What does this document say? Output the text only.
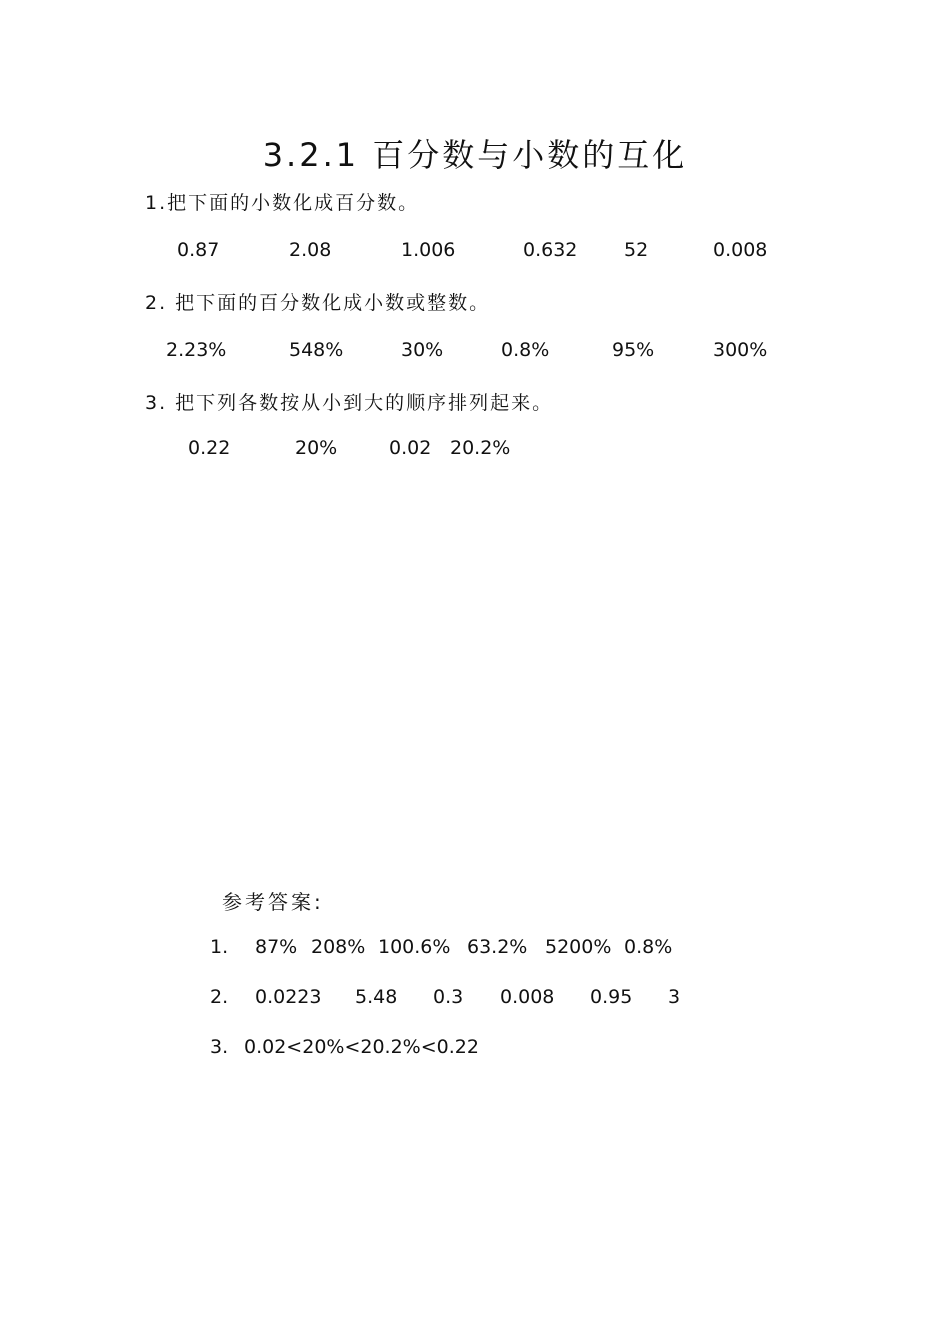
3.2.1 百分数与小数的互化
1.把下面的小数化成百分数。
0.87	2.08	1.006	0.632 52	0.008
2. 把下面的百分数化成小数或整数。
2.23%	548%	30%	0.8%	95%	300%
3. 把下列各数按从小到大的顺序排列起来。
0.22	20%	0.02 20.2%
参考答案:
1. 87% 208% 100.6% 63.2% 5200% 0.8%
2. 0.0223 5.48 0.3 0.008 0.95 3
3. 0.02<20%<20.2%<0.22
